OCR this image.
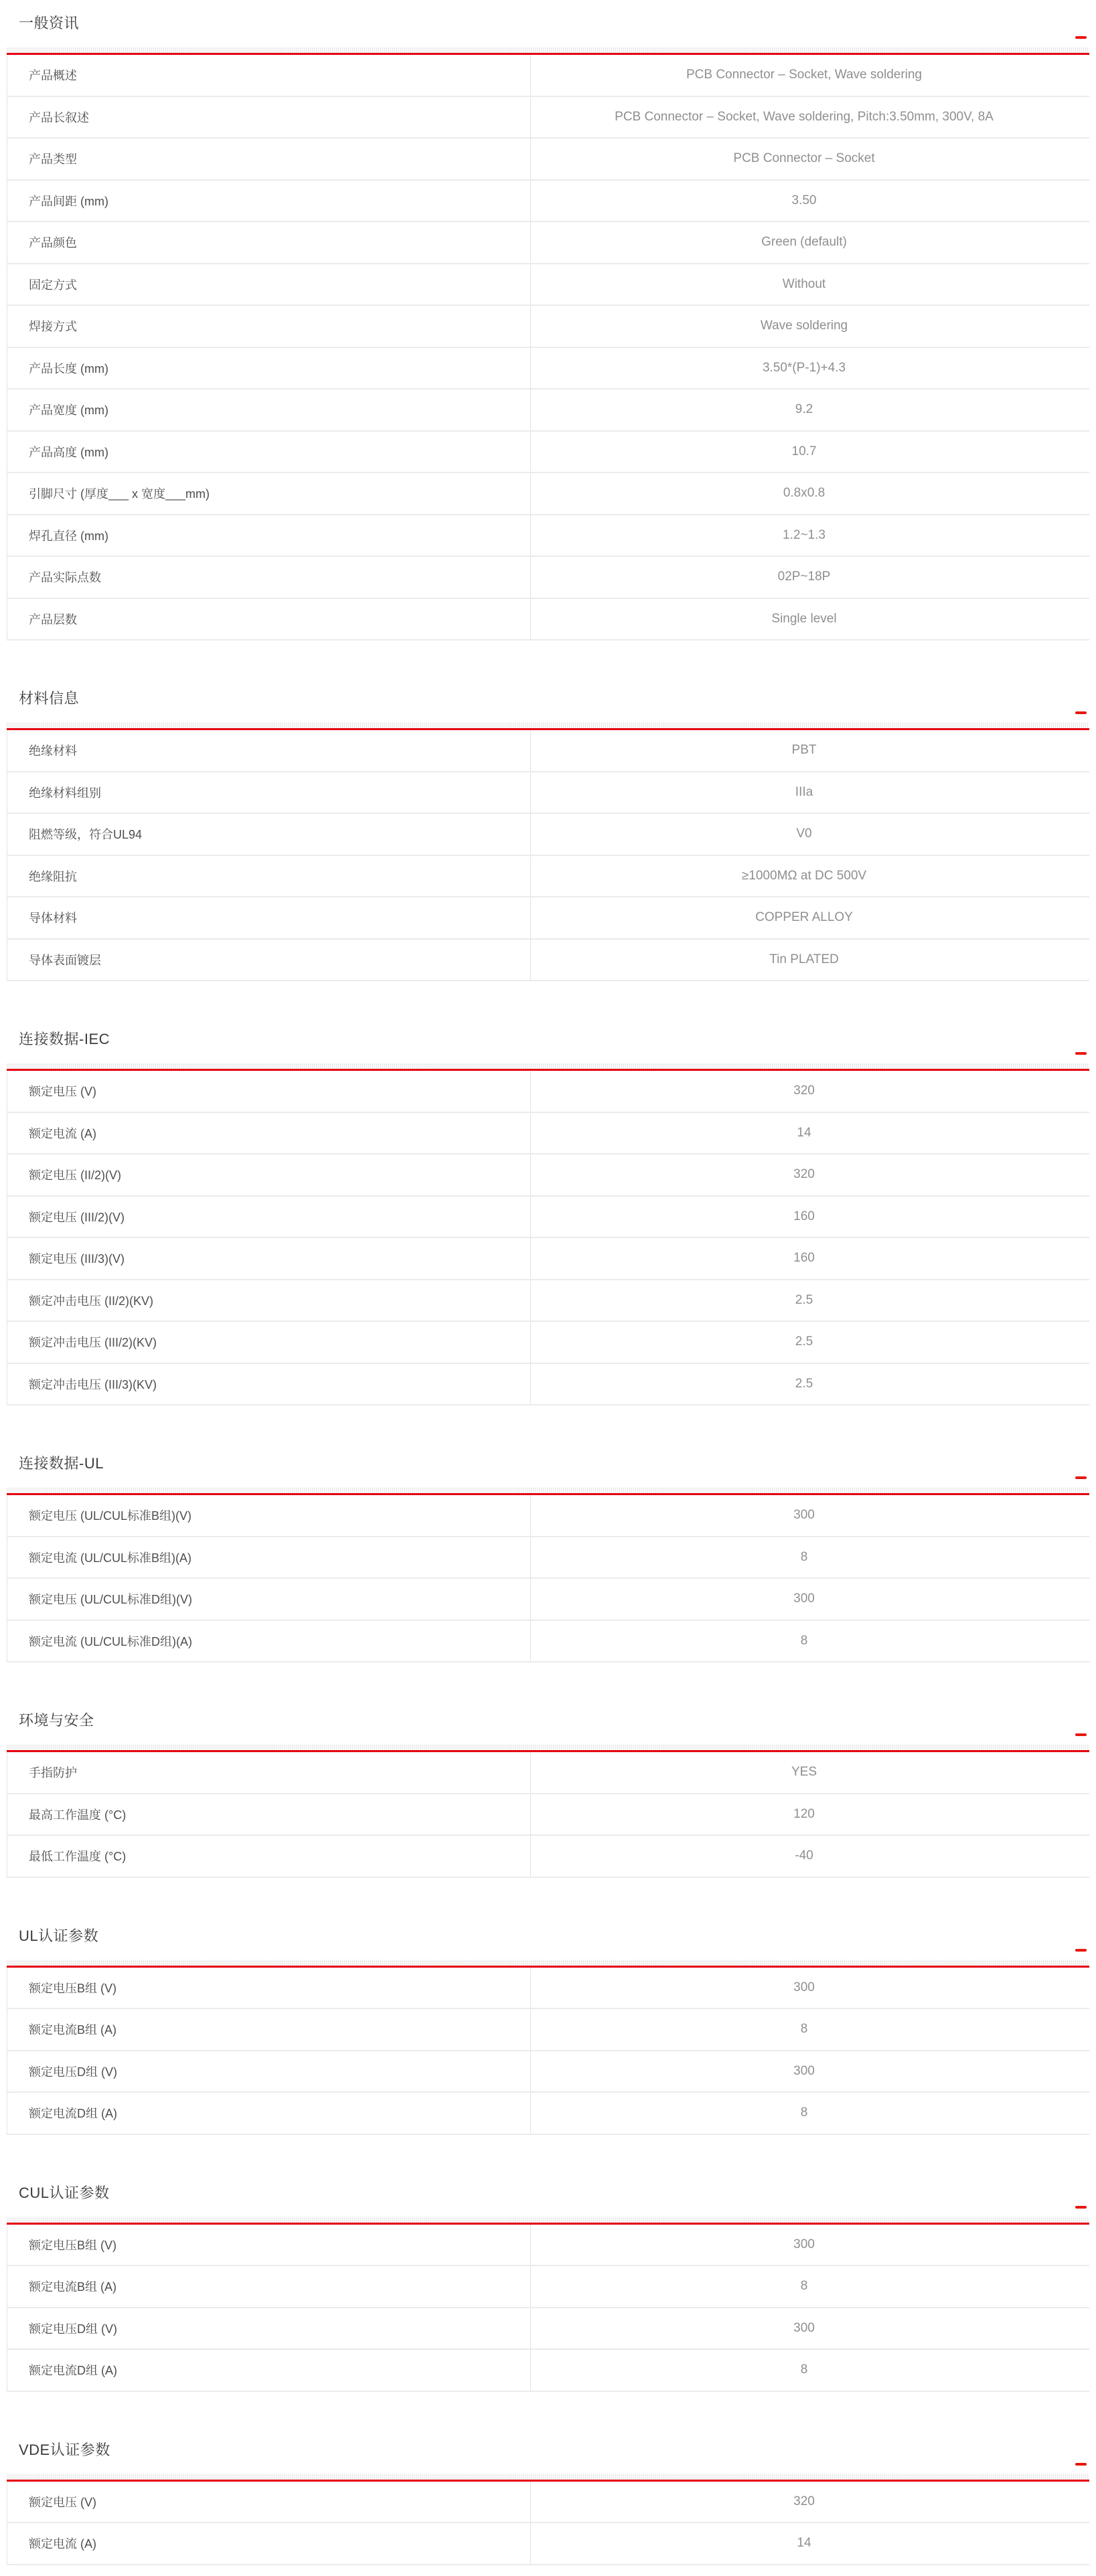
一般资讯
产品概述	PCB Connector – Socket, Wave soldering
产品长叙述	PCB Connector – Socket, Wave soldering, Pitch:3.50mm, 300V, 8A
产品类型	PCB Connector – Socket
产品间距 (mm)	3.50
产品颜色	Green (default)
固定方式	Without
焊接方式	Wave soldering
产品长度 (mm)	3.50*(P-1)+4.3
产品宽度 (mm)	9.2
产品高度 (mm)	10.7
引脚尺寸 (厚度___ x 宽度___mm)	0.8x0.8
焊孔直径 (mm)	1.2~1.3
产品实际点数	02P~18P
产品层数	Single level
材料信息
绝缘材料	PBT
绝缘材料组别	IIIa
阻燃等级，符合UL94	V0
绝缘阻抗	≥1000MΩ at DC 500V
导体材料	COPPER ALLOY
导体表面镀层	Tin PLATED
连接数据-IEC
额定电压 (V)	320
额定电流 (A)	14
额定电压 (II/2)(V)	320
额定电压 (III/2)(V)	160
额定电压 (III/3)(V)	160
额定冲击电压 (II/2)(KV)	2.5
额定冲击电压 (III/2)(KV)	2.5
额定冲击电压 (III/3)(KV)	2.5
连接数据-UL
额定电压 (UL/CUL标准B组)(V)	300
额定电流 (UL/CUL标准B组)(A)	8
额定电压 (UL/CUL标准D组)(V)	300
额定电流 (UL/CUL标准D组)(A)	8
环境与安全
手指防护	YES
最高工作温度 (°C)	120
最低工作温度 (°C)	-40
UL认证参数
额定电压B组 (V)	300
额定电流B组 (A)	8
额定电压D组 (V)	300
额定电流D组 (A)	8
CUL认证参数
额定电压B组 (V)	300
额定电流B组 (A)	8
额定电压D组 (V)	300
额定电流D组 (A)	8
VDE认证参数
额定电压 (V)	320
额定电流 (A)	14
